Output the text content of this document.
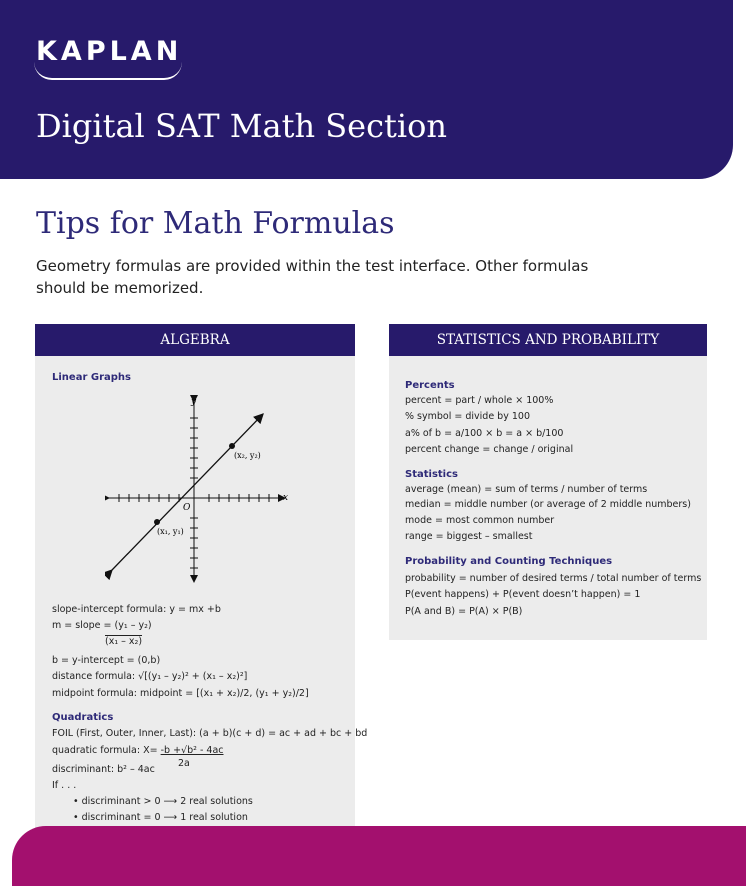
KAPLAN
Digital SAT Math Section
Tips for Math Formulas
Geometry formulas are provided within the test interface. Other formulas should be memorized.
ALGEBRA
Linear Graphs
y
x
O
(x₂, y₂)
(x₁, y₁)
slope-intercept formula: y = mx +b
m = slope = (y₁ – y₂)
(x₁ – x₂)
b = y-intercept = (0,b)
distance formula: √[(y₁ – y₂)² + (x₁ – x₂)²]
midpoint formula: midpoint = [(x₁ + x₂)/2, (y₁ + y₂)/2]
Quadratics
FOIL (First, Outer, Inner, Last): (a + b)(c + d) = ac + ad + bc + bd
quadratic formula: X= -b +√b² - 4ac
2a
discriminant: b² – 4ac
If . . .
• discriminant > 0 ⟶ 2 real solutions
• discriminant = 0 ⟶ 1 real solution
STATISTICS AND PROBABILITY
Percents
percent = part / whole × 100%
% symbol = divide by 100
a% of b = a/100 × b = a × b/100
percent change = change / original
Statistics
average (mean) = sum of terms / number of terms
median = middle number (or average of 2 middle numbers)
mode = most common number
range = biggest – smallest
Probability and Counting Techniques
probability = number of desired terms / total number of terms
P(event happens) + P(event doesn’t happen) = 1
P(A and B) = P(A) × P(B)
